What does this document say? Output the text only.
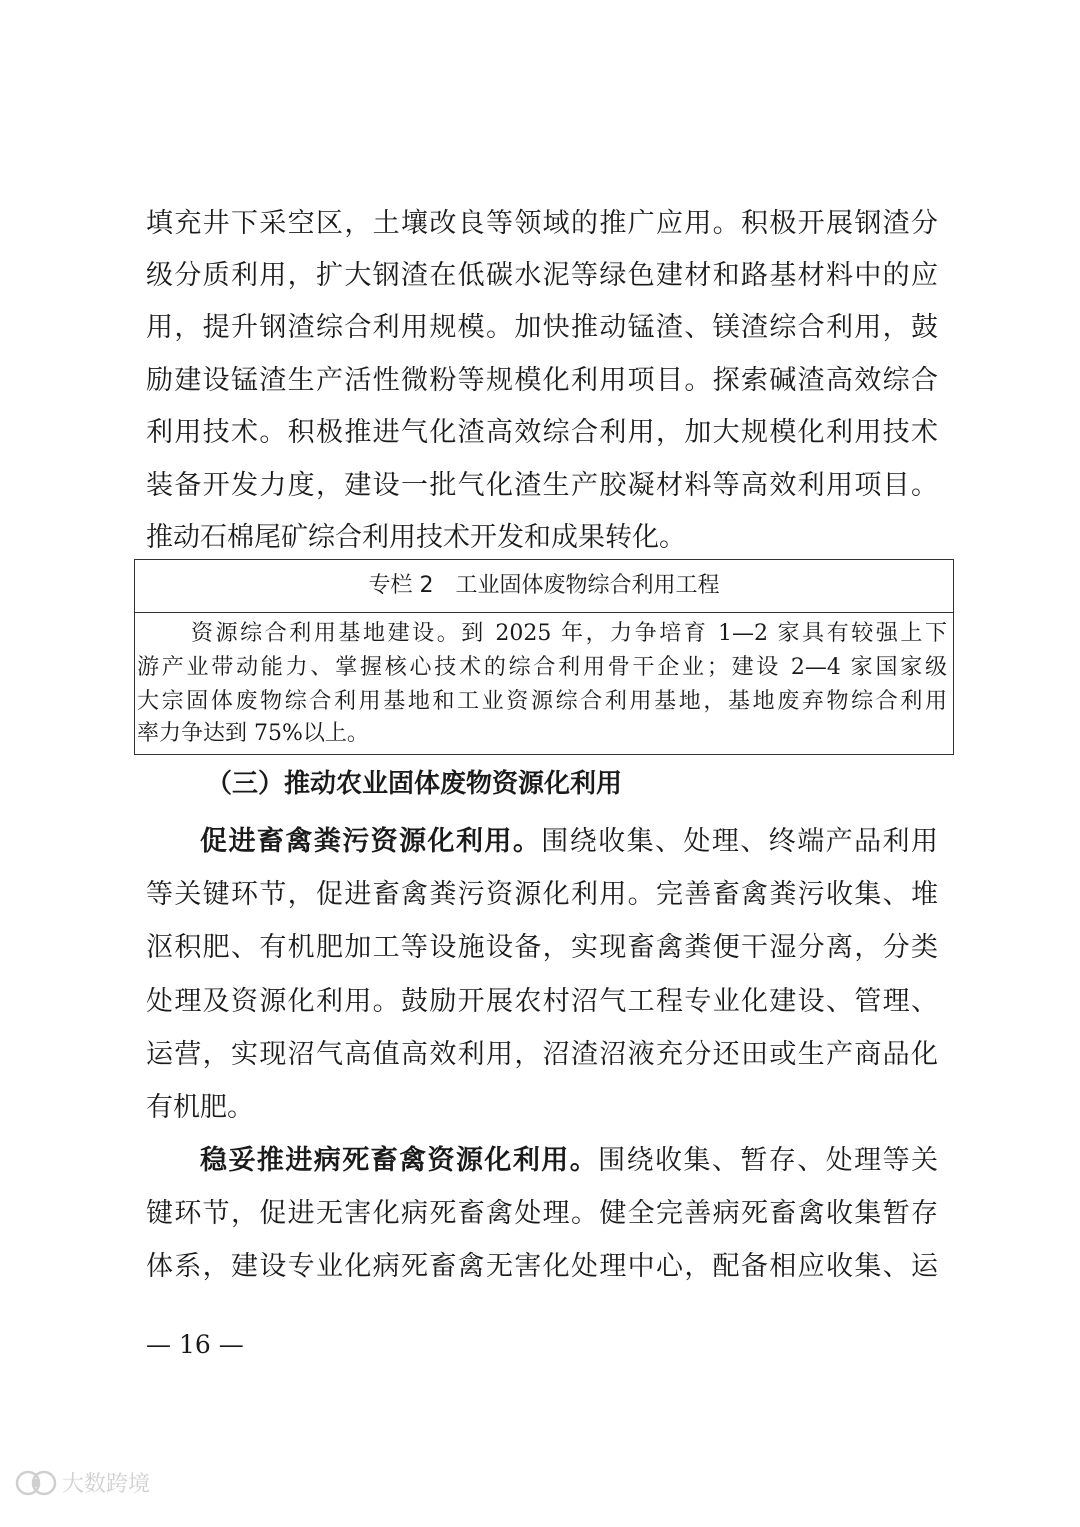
填充井下采空区，土壤改良等领域的推广应用。积极开展钢渣分
级分质利用，扩大钢渣在低碳水泥等绿色建材和路基材料中的应
用，提升钢渣综合利用规模。加快推动锰渣、镁渣综合利用，鼓
励建设锰渣生产活性微粉等规模化利用项目。探索碱渣高效综合
利用技术。积极推进气化渣高效综合利用，加大规模化利用技术
装备开发力度，建设一批气化渣生产胶凝材料等高效利用项目。
推动石棉尾矿综合利用技术开发和成果转化。
专栏 2　工业固体废物综合利用工程
资源综合利用基地建设。到 2025 年，力争培育 1—2 家具有较强上下
游产业带动能力、掌握核心技术的综合利用骨干企业；建设 2—4 家国家级
大宗固体废物综合利用基地和工业资源综合利用基地，基地废弃物综合利用
率力争达到 75%以上。
（三）推动农业固体废物资源化利用
促进畜禽粪污资源化利用。围绕收集、处理、终端产品利用
等关键环节，促进畜禽粪污资源化利用。完善畜禽粪污收集、堆
沤积肥、有机肥加工等设施设备，实现畜禽粪便干湿分离，分类
处理及资源化利用。鼓励开展农村沼气工程专业化建设、管理、
运营，实现沼气高值高效利用，沼渣沼液充分还田或生产商品化
有机肥。
稳妥推进病死畜禽资源化利用。围绕收集、暂存、处理等关
键环节，促进无害化病死畜禽处理。健全完善病死畜禽收集暂存
体系，建设专业化病死畜禽无害化处理中心，配备相应收集、运
— 16 —
大数跨境
